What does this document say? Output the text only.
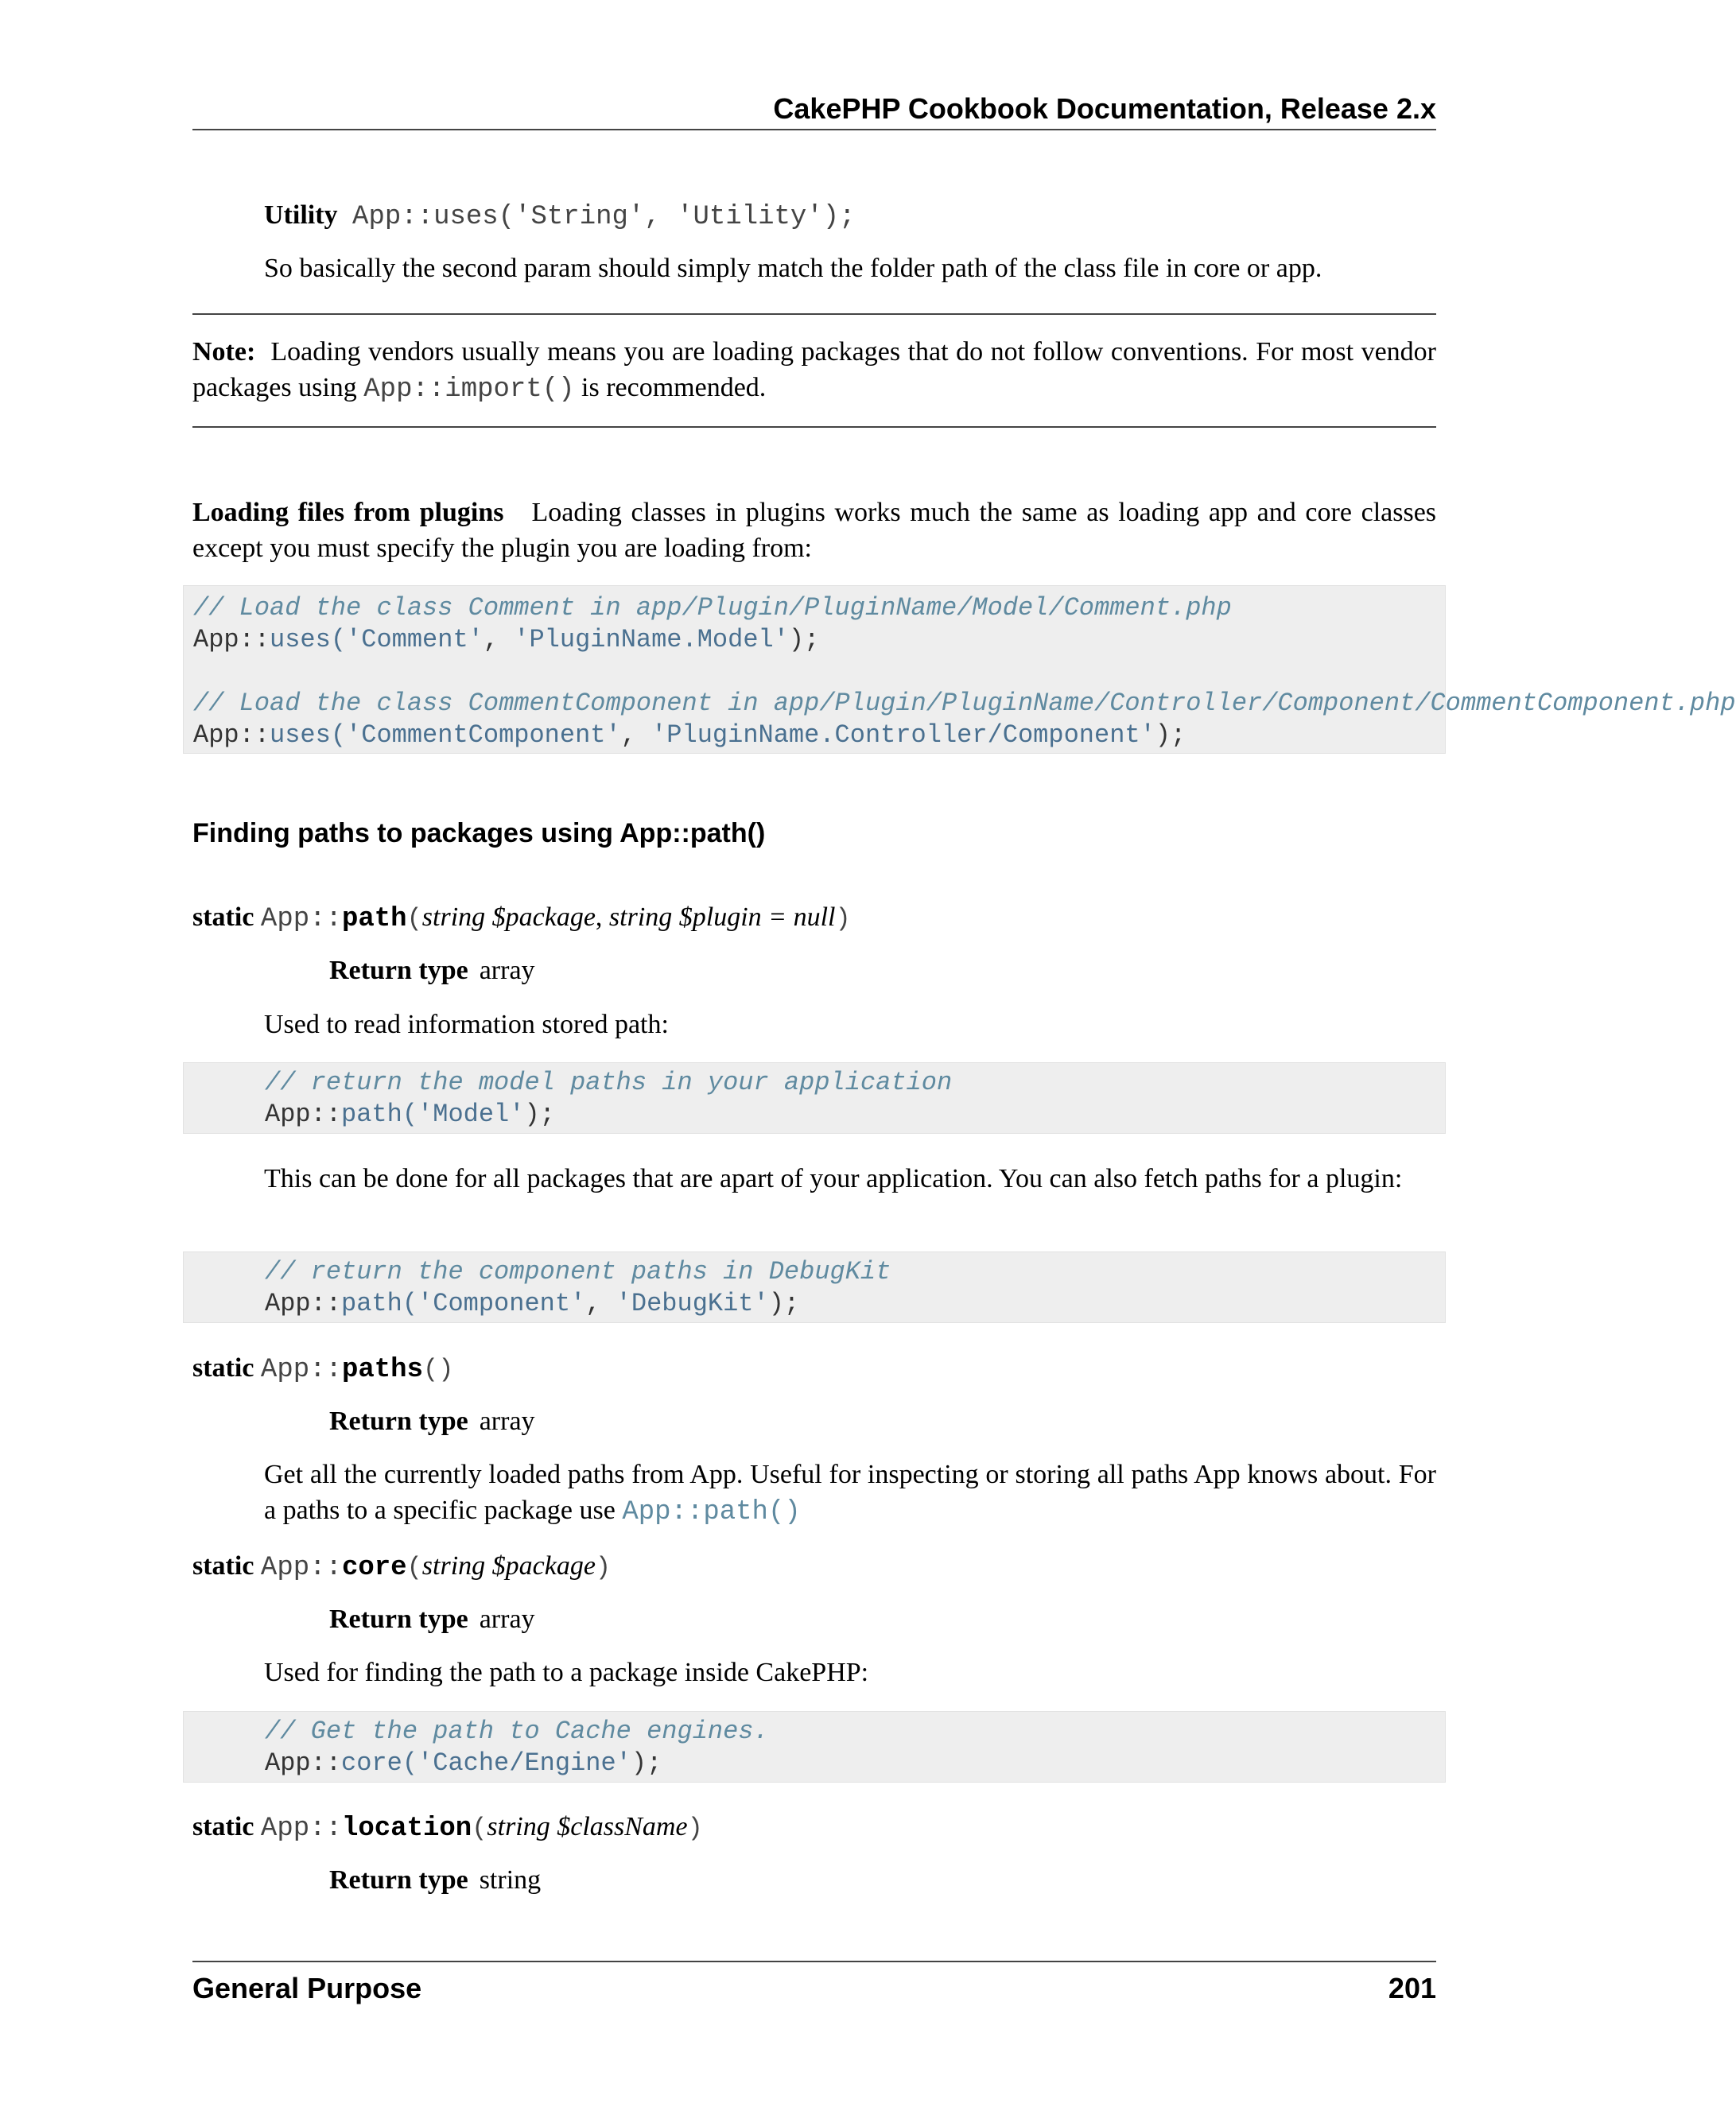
CakePHP Cookbook Documentation, Release 2.x
Utility App::uses('String', 'Utility');

So basically the second param should simply match the folder path of the class file in core or app.

Note: Loading vendors usually means you are loading packages that do not follow conventions. For most vendor packages using App::import() is recommended.

Loading files from plugins Loading classes in plugins works much the same as loading app and core classes except you must specify the plugin you are loading from:

// Load the class Comment in app/Plugin/PluginName/Model/Comment.php
App::uses('Comment', 'PluginName.Model');

// Load the class CommentComponent in app/Plugin/PluginName/Controller/Component/CommentComponent.php
App::uses('CommentComponent', 'PluginName.Controller/Component');
Finding paths to packages using App::path()
static App::path(string $package, string $plugin = null)
Return type array

Used to read information stored path:

// return the model paths in your application
App::path('Model');

This can be done for all packages that are apart of your application. You can also fetch paths for a plugin:

// return the component paths in DebugKit
App::path('Component', 'DebugKit');
static App::paths()
Return type array

Get all the currently loaded paths from App. Useful for inspecting or storing all paths App knows about. For a paths to a specific package use App::path()

static App::core(string $package)
Return type array

Used for finding the path to a package inside CakePHP:

// Get the path to Cache engines.
App::core('Cache/Engine');
static App::location(string $className)
Return type string
General Purpose	201
